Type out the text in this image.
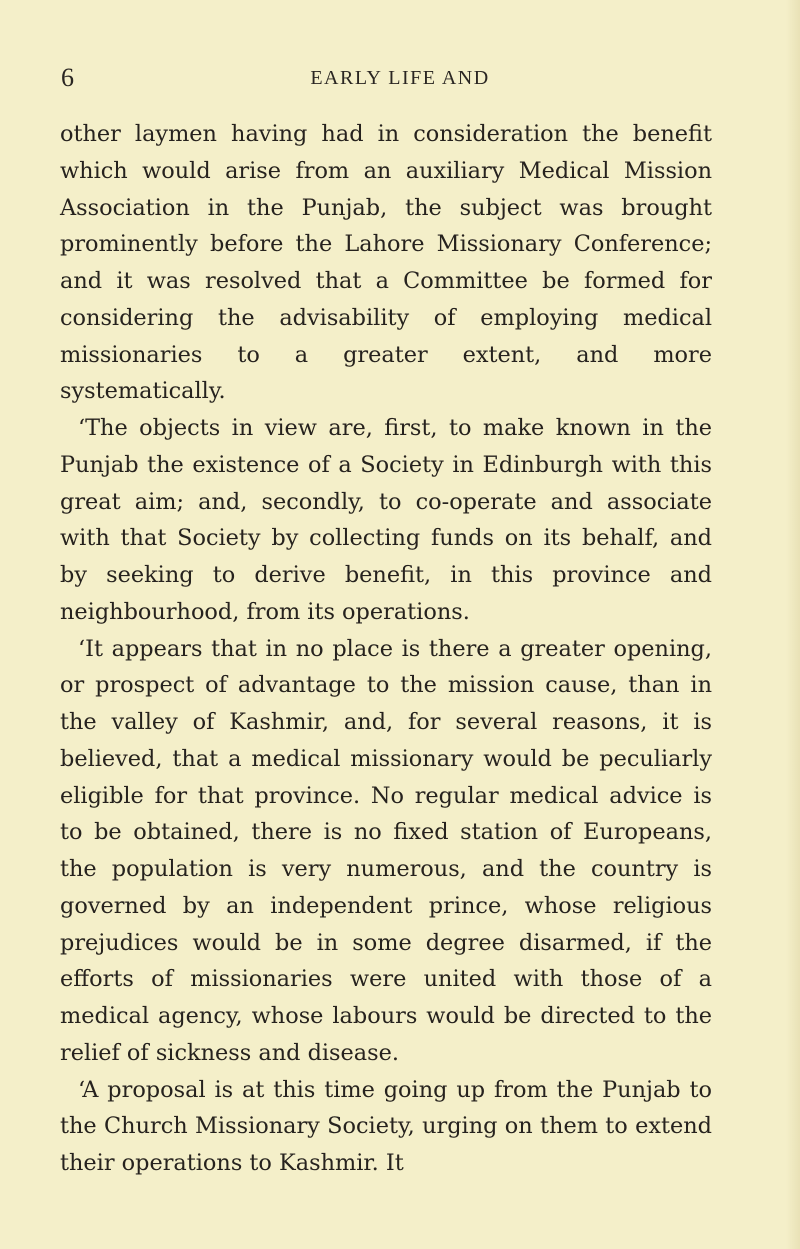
6	EARLY LIFE AND

other laymen having had in consideration the benefit which would arise from an auxiliary Medical Mission Association in the Punjab, the subject was brought prominently before the Lahore Missionary Conference; and it was resolved that a Committee be formed for considering the advisability of employing medical missionaries to a greater extent, and more systematically.

‘The objects in view are, first, to make known in the Punjab the existence of a Society in Edinburgh with this great aim; and, secondly, to co-operate and associate with that Society by collecting funds on its behalf, and by seeking to derive benefit, in this province and neighbourhood, from its operations.

‘It appears that in no place is there a greater opening, or prospect of advantage to the mission cause, than in the valley of Kashmir, and, for several reasons, it is believed, that a medical missionary would be peculiarly eligible for that province. No regular medical advice is to be obtained, there is no fixed station of Europeans, the population is very numerous, and the country is governed by an independent prince, whose religious prejudices would be in some degree disarmed, if the efforts of missionaries were united with those of a medical agency, whose labours would be directed to the relief of sickness and disease.

‘A proposal is at this time going up from the Punjab to the Church Missionary Society, urging on them to extend their operations to Kashmir. It
